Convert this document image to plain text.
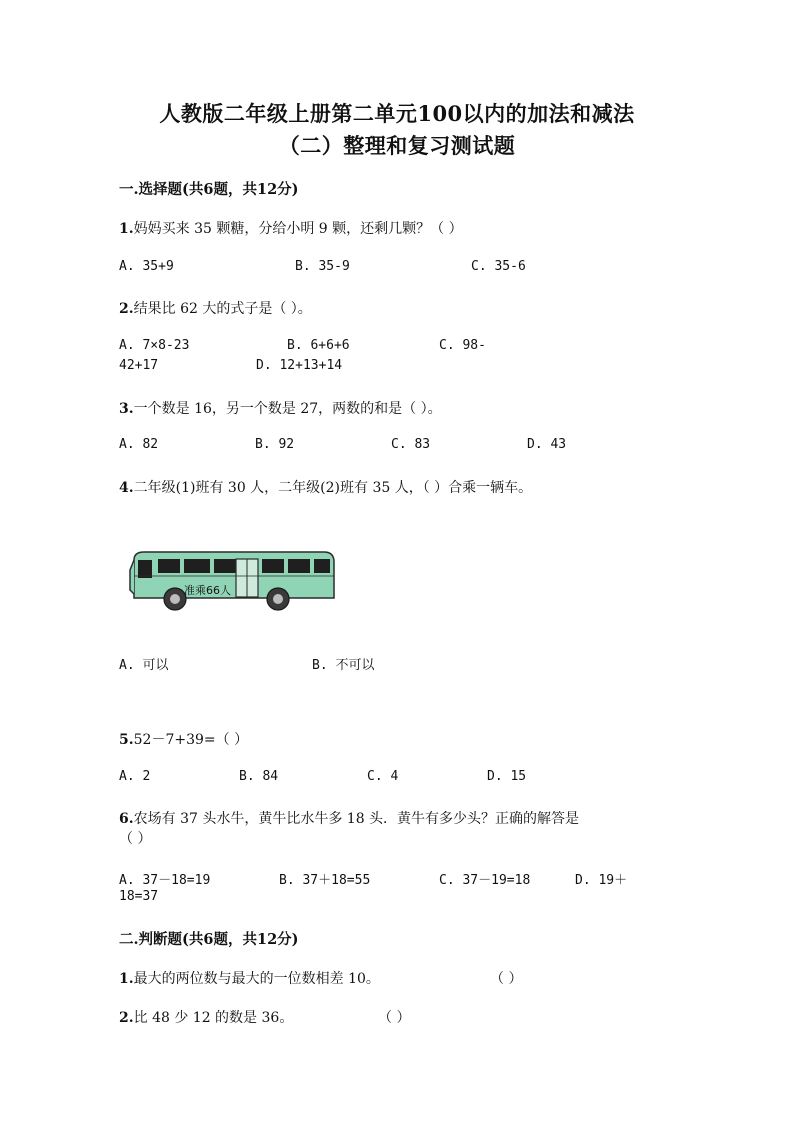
人教版二年级上册第二单元100以内的加法和减法
（二）整理和复习测试题
一.选择题(共6题，共12分)
1.妈妈买来 35 颗糖，分给小明 9 颗，还剩几颗？（ ）
A. 35+9	B. 35-9	C. 35-6
2.结果比 62 大的式子是（ ）。
A. 7×8-23	B. 6+6+6	C. 98-
42+17	D. 12+13+14
3.一个数是 16，另一个数是 27，两数的和是（ ）。
A. 82	B. 92	C. 83	D. 43
4.二年级(1)班有 30 人，二年级(2)班有 35 人，（ ）合乘一辆车。
准乘66人
A. 可以	B. 不可以
5.52－7+39=（ ）
A. 2	B. 84	C. 4	D. 15
6.农场有 37 头水牛，黄牛比水牛多 18 头．黄牛有多少头？正确的解答是
（ ）
A. 37－18=19	B. 37＋18=55	C. 37－19=18	D. 19＋
18=37
二.判断题(共6题，共12分)
1.最大的两位数与最大的一位数相差 10。	（ ）
2.比 48 少 12 的数是 36。	（ ）
